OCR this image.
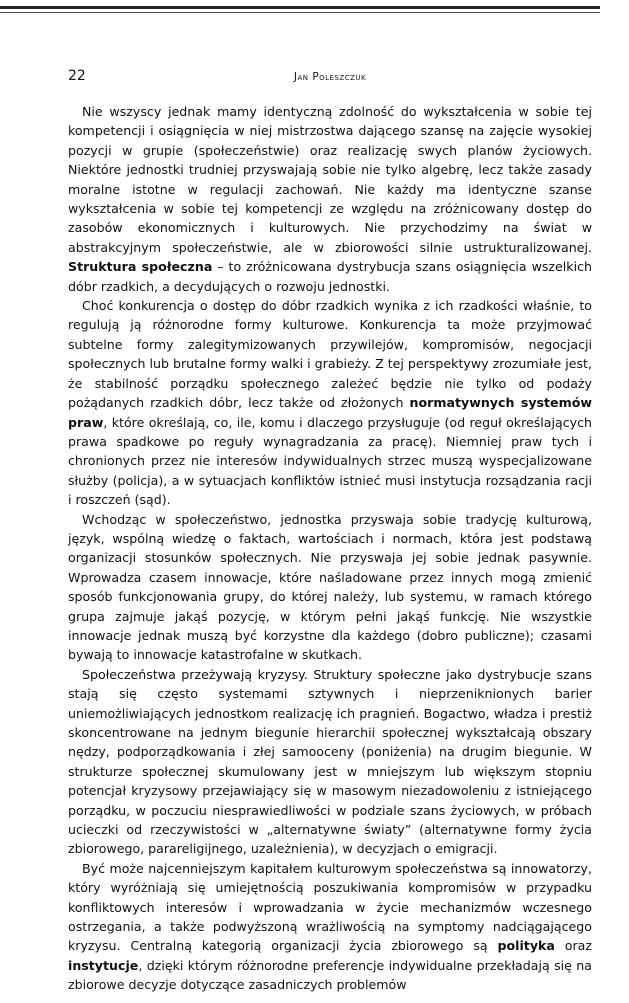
22	Jan Poleszczuk

Nie wszyscy jednak mamy identyczną zdolność do wykształcenia w sobie tej kompetencji i osiągnięcia w niej mistrzostwa dającego szansę na zajęcie wysokiej pozycji w grupie (społeczeństwie) oraz realizację swych planów życiowych. Niektóre jednostki trudniej przyswajają sobie nie tylko algebrę, lecz także zasady moralne istotne w regulacji zachowań. Nie każdy ma identyczne szanse wykształcenia w sobie tej kompetencji ze względu na zróżnicowany dostęp do zasobów ekonomicznych i kulturowych. Nie przychodzimy na świat w abstrakcyjnym społeczeństwie, ale w zbiorowości silnie ustrukturalizowanej. Struktura społeczna – to zróżnicowana dystrybucja szans osiągnięcia wszelkich dóbr rzadkich, a decydujących o rozwoju jednostki.

Choć konkurencja o dostęp do dóbr rzadkich wynika z ich rzadkości właśnie, to regulują ją różnorodne formy kulturowe. Konkurencja ta może przyjmować subtelne formy zalegitymizowanych przywilejów, kompromisów, negocjacji społecznych lub brutalne formy walki i grabieży. Z tej perspektywy zrozumiałe jest, że stabilność porządku społecznego zależeć będzie nie tylko od podaży pożądanych rzadkich dóbr, lecz także od złożonych normatywnych systemów praw, które określają, co, ile, komu i dlaczego przysługuje (od reguł określających prawa spadkowe po reguły wynagradzania za pracę). Niemniej praw tych i chronionych przez nie interesów indywidualnych strzec muszą wyspecjalizowane służby (policja), a w sytuacjach konfliktów istnieć musi instytucja rozsądzania racji i roszczeń (sąd).

Wchodząc w społeczeństwo, jednostka przyswaja sobie tradycję kulturową, język, wspólną wiedzę o faktach, wartościach i normach, która jest podstawą organizacji stosunków społecznych. Nie przyswaja jej sobie jednak pasywnie. Wprowadza czasem innowacje, które naśladowane przez innych mogą zmienić sposób funkcjonowania grupy, do której należy, lub systemu, w ramach którego grupa zajmuje jakąś pozycję, w którym pełni jakąś funkcję. Nie wszystkie innowacje jednak muszą być korzystne dla każdego (dobro publiczne); czasami bywają to innowacje katastrofalne w skutkach.

Społeczeństwa przeżywają kryzysy. Struktury społeczne jako dystrybucje szans stają się często systemami sztywnych i nieprzeniknionych barier uniemożliwiających jednostkom realizację ich pragnień. Bogactwo, władza i prestiż skoncentrowane na jednym biegunie hierarchii społecznej wykształcają obszary nędzy, podporządkowania i złej samooceny (poniżenia) na drugim biegunie. W strukturze społecznej skumulowany jest w mniejszym lub większym stopniu potencjał kryzysowy przejawiający się w masowym niezadowoleniu z istniejącego porządku, w poczuciu niesprawiedliwości w podziale szans życiowych, w próbach ucieczki od rzeczywistości w „alternatywne światy” (alternatywne formy życia zbiorowego, parareligijnego, uzależnienia), w decyzjach o emigracji.

Być może najcenniejszym kapitałem kulturowym społeczeństwa są innowatorzy, który wyróżniają się umiejętnością poszukiwania kompromisów w przypadku konfliktowych interesów i wprowadzania w życie mechanizmów wczesnego ostrzegania, a także podwyższoną wrażliwością na symptomy nadciągającego kryzysu. Centralną kategorią organizacji życia zbiorowego są polityka oraz instytucje, dzięki którym różnorodne preferencje indywidualne przekładają się na zbiorowe decyzje dotyczące zasadniczych problemów
